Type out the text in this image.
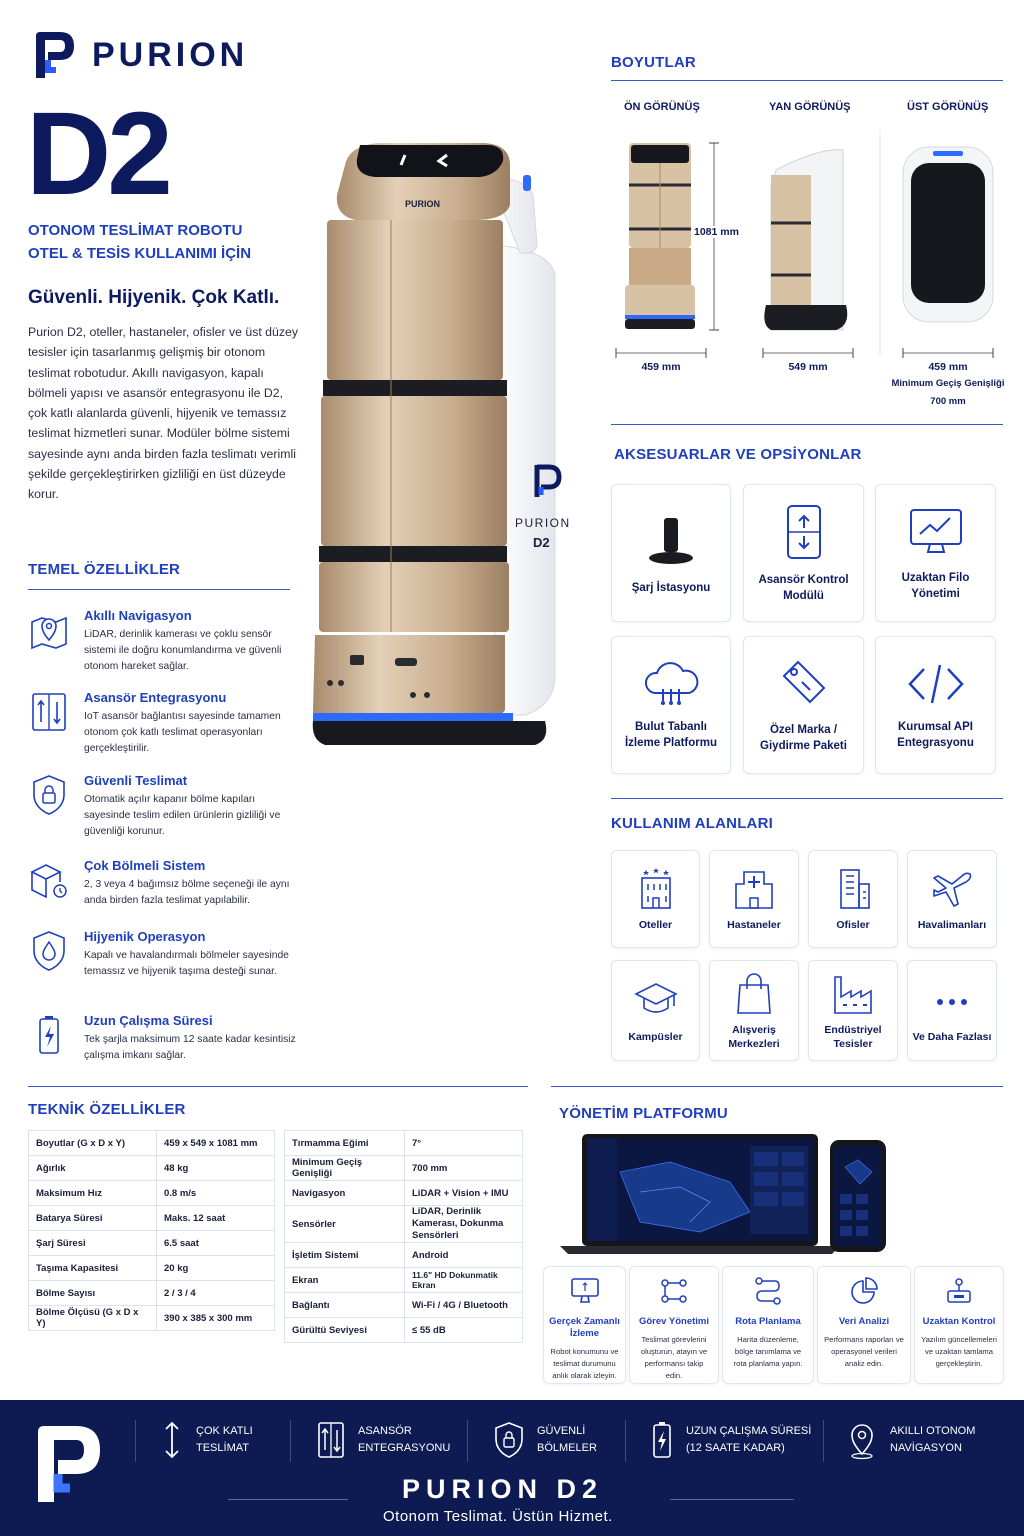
PURION
D2
OTONOM TESLİMAT ROBOTU
OTEL & TESİS KULLANIMI İÇİN
Güvenli. Hijyenik. Çok Katlı.
Purion D2, oteller, hastaneler, ofisler ve üst düzey tesisler için tasarlanmış gelişmiş bir otonom teslimat robotudur. Akıllı navigasyon, kapalı bölmeli yapısı ve asansör entegrasyonu ile D2, çok katlı alanlarda güvenli, hijyenik ve temassız teslimat hizmetleri sunar. Modüler bölme sistemi sayesinde aynı anda birden fazla teslimatı verimli şekilde gerçekleştirirken gizliliği en üst düzeyde korur.
TEMEL ÖZELLİKLER
Akıllı Navigasyon

LiDAR, derinlik kamerası ve çoklu sensör sistemi ile doğru konumlandırma ve güvenli otonom hareket sağlar.

Asansör Entegrasyonu

IoT asansör bağlantısı sayesinde tamamen otonom çok katlı teslimat operasyonları gerçekleştirilir.

Güvenli Teslimat

Otomatik açılır kapanır bölme kapıları sayesinde teslim edilen ürünlerin gizliliği ve güvenliği korunur.

Çok Bölmeli Sistem

2, 3 veya 4 bağımsız bölme seçeneği ile aynı anda birden fazla teslimat yapılabilir.

Hijyenik Operasyon

Kapalı ve havalandırmalı bölmeler sayesinde temassız ve hijyenik taşıma desteği sunar.

Uzun Çalışma Süresi

Tek şarjla maksimum 12 saate kadar kesintisiz çalışma imkanı sağlar.

PURION
PURION
D2
BOYUTLAR
ÖN GÖRÜNÜŞ	YAN GÖRÜNÜŞ	ÜST GÖRÜNÜŞ
1081 mm
459 mm	549 mm	459 mm
Minimum Geçiş Genişliği
700 mm
AKSESUARLAR VE OPSİYONLAR
Şarj İstasyonu
Asansör Kontrol Modülü
Uzaktan Filo Yönetimi
Bulut Tabanlı İzleme Platformu
Özel Marka / Giydirme Paketi
Kurumsal API Entegrasyonu
KULLANIM ALANLARI
Oteller	Hastaneler	Ofisler	Havalimanları
Kampüsler
Alışveriş Merkezleri
Endüstriyel Tesisler
Ve Daha Fazlası
TEKNİK ÖZELLİKLER
Boyutlar (G x D x Y)	459 x 549 x 1081 mm
Ağırlık	48 kg
Maksimum Hız	0.8 m/s
Batarya Süresi	Maks. 12 saat
Şarj Süresi	6.5 saat
Taşıma Kapasitesi	20 kg
Bölme Sayısı	2 / 3 / 4
Bölme Ölçüsü (G x D x Y)	390 x 385 x 300 mm
Tırmamma Eğimi	7°
Minimum Geçiş Genişliği	700 mm
Navigasyon	LiDAR + Vision + IMU
Sensörler	LiDAR, Derinlik Kamerası, Dokunma Sensörleri
İşletim Sistemi	Android
Ekran	11.6" HD Dokunmatik Ekran
Bağlantı	Wi-Fi / 4G / Bluetooth
Gürültü Seviyesi	≤ 55 dB
YÖNETİM PLATFORMU
Gerçek Zamanlı İzleme

Robot konumunu ve teslimat durumunu anlık olarak izleyin.

Görev Yönetimi

Teslimat görevlerini oluşturun, atayın ve performansı takip edin.

Rota Planlama

Harita düzenleme, bölge tanımlama ve rota planlama yapın.

Veri Analizi

Performans raporları ve operasyonel verileri analiz edin.

Uzaktan Kontrol

Yazılım güncellemeleri ve uzaktan tamlama gerçekleştirin.

ÇOK KATLI TESLİMAT
ASANSÖR ENTEGRASYONU
GÜVENLİ BÖLMELER
UZUN ÇALIŞMA SÜRESİ (12 SAATE KADAR)
AKILLI OTONOM NAVİGASYON
PURION D2
Otonom Teslimat. Üstün Hizmet.
